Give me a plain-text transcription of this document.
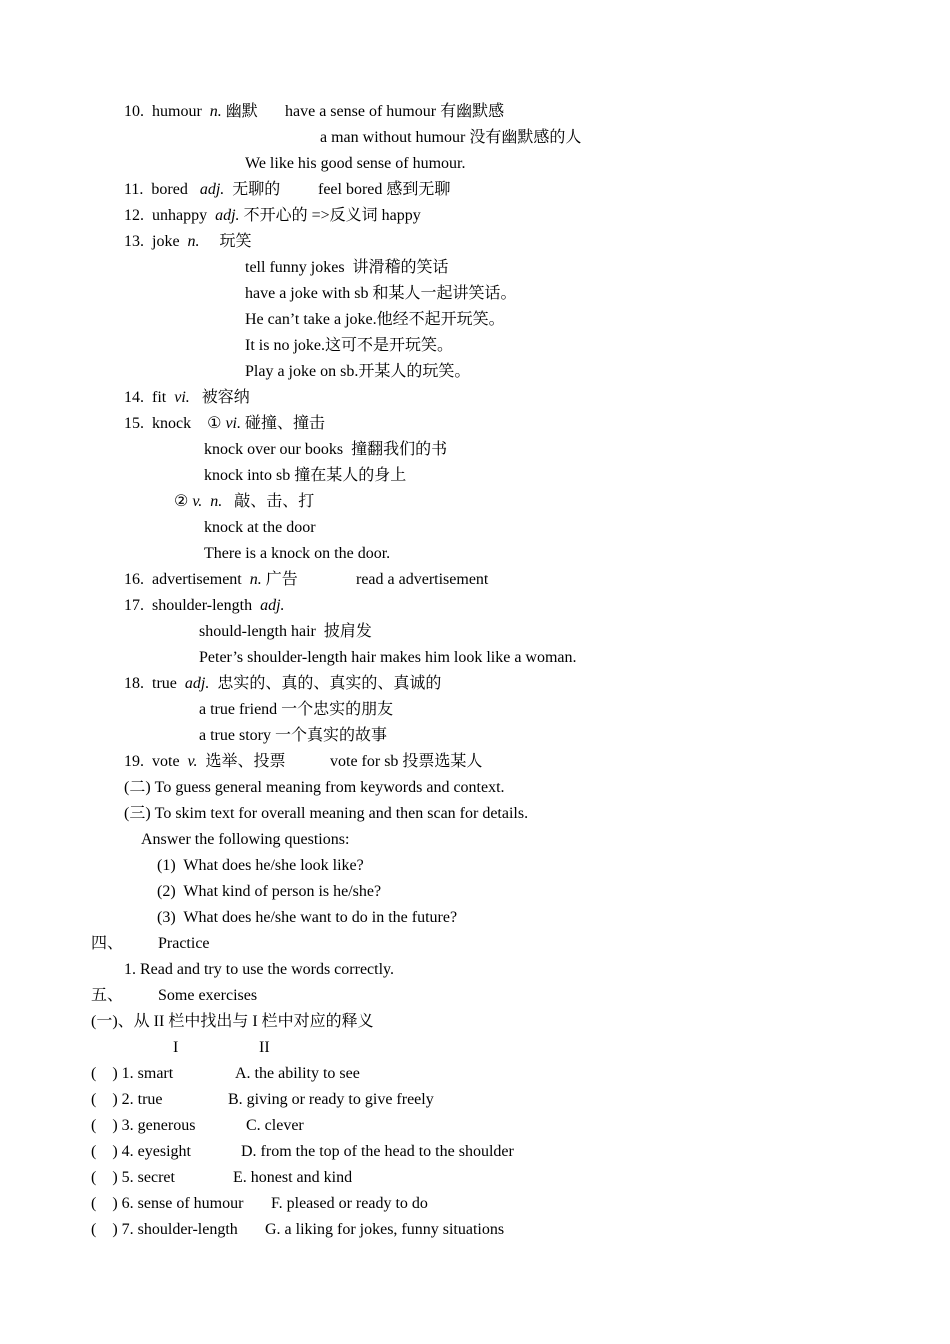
10. humour n. 幽默 have a sense of humour 有幽默感
a man without humour 没有幽默感的人
We like his good sense of humour.
11. bored adj. 无聊的 feel bored 感到无聊
12. unhappy adj. 不开心的 =>反义词 happy
13. joke n. 玩笑
tell funny jokes  讲滑稽的笑话
have a joke with sb 和某人一起讲笑话。
He can’t take a joke.他经不起开玩笑。
It is no joke.这可不是开玩笑。
Play a joke on sb.开某人的玩笑。
14. fit vi. 被容纳
15. knock ① vi. 碰撞、撞击
knock over our books  撞翻我们的书
knock into sb 撞在某人的身上
② v.  n. 敲、击、打
knock at the door
There is a knock on the door.
16. advertisement n. 广告	read a advertisement
17. shoulder-length adj.
should-length hair  披肩发
Peter’s shoulder-length hair makes him look like a woman.
18. true adj. 忠实的、真的、真实的、真诚的
a true friend 一个忠实的朋友
a true story 一个真实的故事
19. vote v. 选举、投票	vote for sb 投票选某人
(二) To guess general meaning from keywords and context.
(三) To skim text for overall meaning and then scan for details.
Answer the following questions:
(1)  What does he/she look like?
(2)  What kind of person is he/she?
(3)  What does he/she want to do in the future?
四、 Practice
1. Read and try to use the words correctly.
五、 Some exercises
(一)、从 II 栏中找出与 I 栏中对应的释义
I	II
(    ) 1. smart	A. the ability to see
(    ) 2. true	B. giving or ready to give freely
(    ) 3. generous	C. clever
(    ) 4. eyesight	D. from the top of the head to the shoulder
(    ) 5. secret	E. honest and kind
(    ) 6. sense of humour F. pleased or ready to do
(    ) 7. shoulder-length G. a liking for jokes, funny situations
